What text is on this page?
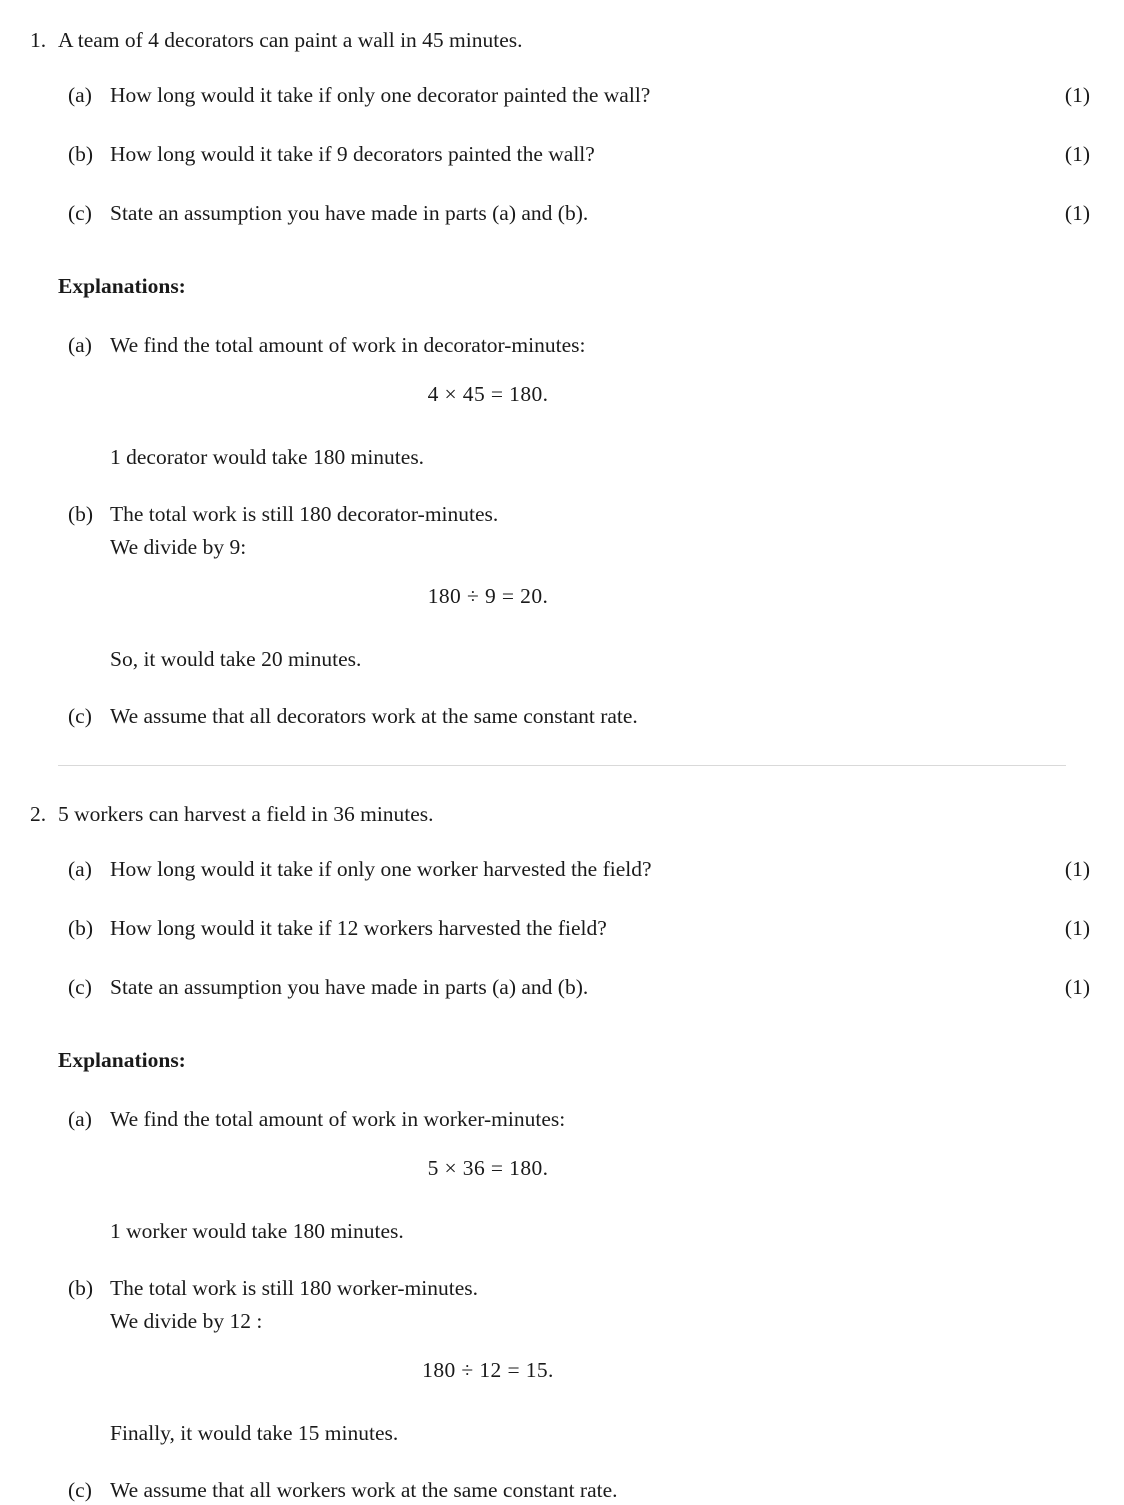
1. A team of 4 decorators can paint a wall in 45 minutes.
(a) How long would it take if only one decorator painted the wall?	(1)
(b) How long would it take if 9 decorators painted the wall?	(1)
(c) State an assumption you have made in parts (a) and (b).	(1)
Explanations:
(a) We find the total amount of work in decorator-minutes:
4 × 45 = 180.
1 decorator would take 180 minutes.
(b) The total work is still 180 decorator-minutes.
We divide by 9:
180 ÷ 9 = 20.
So, it would take 20 minutes.
(c) We assume that all decorators work at the same constant rate.
2. 5 workers can harvest a field in 36 minutes.
(a) How long would it take if only one worker harvested the field?	(1)
(b) How long would it take if 12 workers harvested the field?	(1)
(c) State an assumption you have made in parts (a) and (b).	(1)
Explanations:
(a) We find the total amount of work in worker-minutes:
5 × 36 = 180.
1 worker would take 180 minutes.
(b) The total work is still 180 worker-minutes.
We divide by 12 :
180 ÷ 12 = 15.
Finally, it would take 15 minutes.
(c) We assume that all workers work at the same constant rate.
